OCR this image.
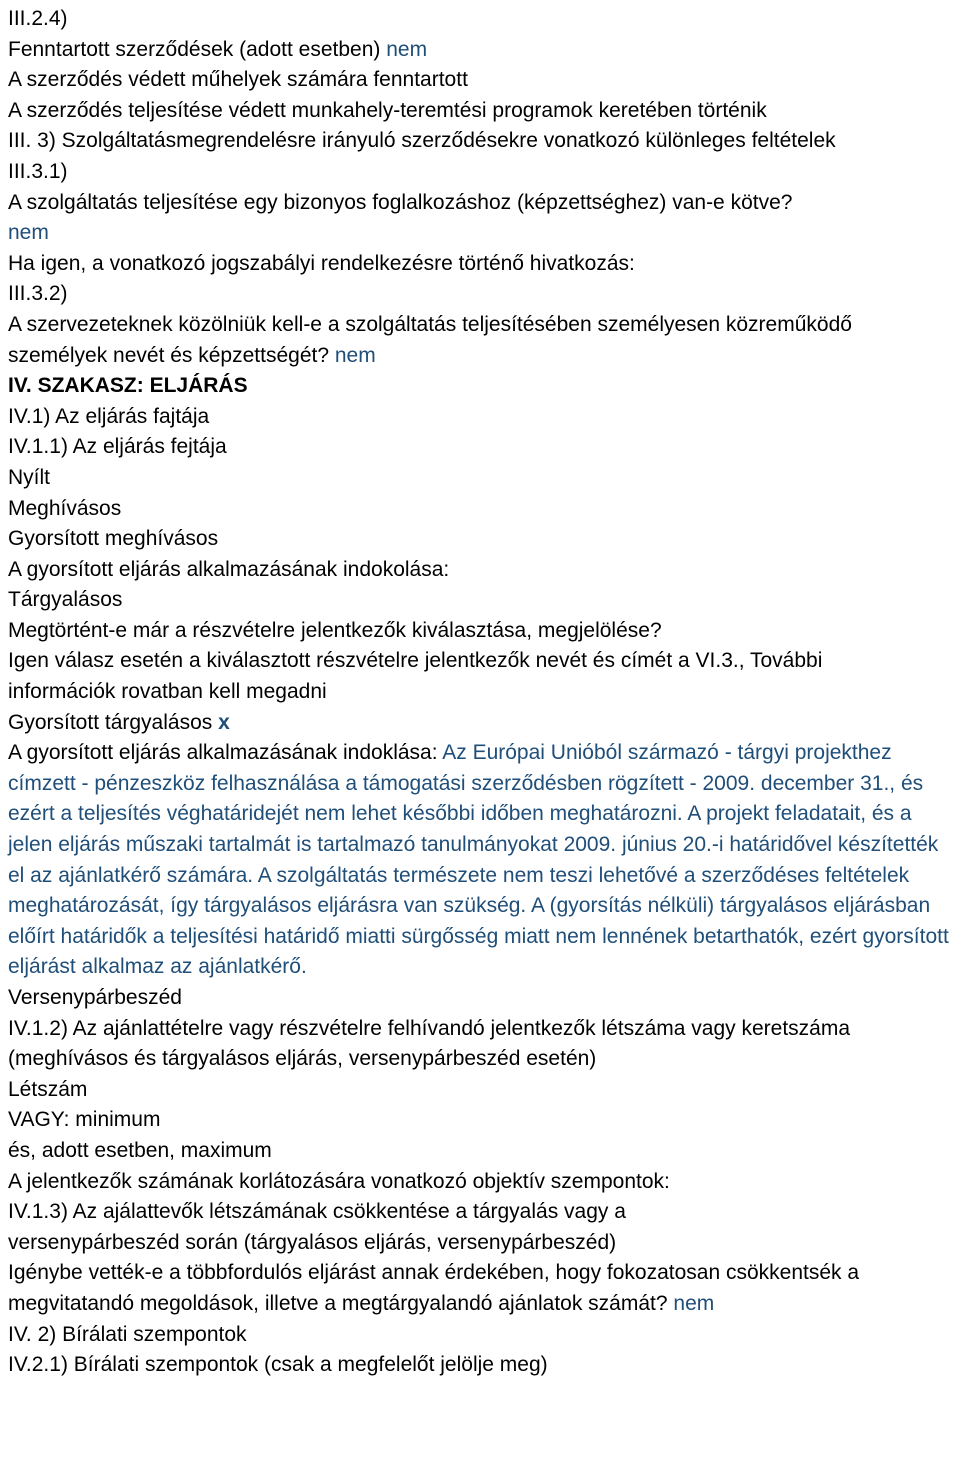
III.2.4)
Fenntartott szerződések (adott esetben) nem
A szerződés védett műhelyek számára fenntartott
A szerződés teljesítése védett munkahely-teremtési programok keretében történik
III. 3) Szolgáltatásmegrendelésre irányuló szerződésekre vonatkozó különleges feltételek
III.3.1)
A szolgáltatás teljesítése egy bizonyos foglalkozáshoz (képzettséghez) van-e kötve?
nem
Ha igen, a vonatkozó jogszabályi rendelkezésre történő hivatkozás:
III.3.2)
A szervezeteknek közölniük kell-e a szolgáltatás teljesítésében személyesen közreműködő személyek nevét és képzettségét? nem
IV. SZAKASZ: ELJÁRÁS
IV.1) Az eljárás fajtája
IV.1.1) Az eljárás fejtája
Nyílt
Meghívásos
Gyorsított meghívásos
A gyorsított eljárás alkalmazásának indokolása:
Tárgyalásos
Megtörtént-e már a részvételre jelentkezők kiválasztása, megjelölése?
Igen válasz esetén a kiválasztott részvételre jelentkezők nevét és címét a VI.3., További információk rovatban kell megadni
Gyorsított tárgyalásos x
A gyorsított eljárás alkalmazásának indoklása: Az Európai Unióból származó - tárgyi projekthez címzett - pénzeszköz felhasználása a támogatási szerződésben rögzített - 2009. december 31., és ezért a teljesítés véghatáridejét nem lehet későbbi időben meghatározni. A projekt feladatait, és a jelen eljárás műszaki tartalmát is tartalmazó tanulmányokat 2009. június 20.-i határidővel készítették el az ajánlatkérő számára. A szolgáltatás természete nem teszi lehetővé a szerződéses feltételek meghatározását, így tárgyalásos eljárásra van szükség. A (gyorsítás nélküli) tárgyalásos eljárásban előírt határidők a teljesítési határidő miatti sürgősség miatt nem lennének betarthatók, ezért gyorsított eljárást alkalmaz az ajánlatkérő.
Versenypárbeszéd
IV.1.2) Az ajánlattételre vagy részvételre felhívandó jelentkezők létszáma vagy keretszáma (meghívásos és tárgyalásos eljárás, versenypárbeszéd esetén)
Létszám
VAGY: minimum
és, adott esetben, maximum
A jelentkezők számának korlátozására vonatkozó objektív szempontok:
IV.1.3) Az ajálattevők létszámának csökkentése a tárgyalás vagy a versenypárbeszéd során (tárgyalásos eljárás, versenypárbeszéd)
Igénybe vették-e a többfordulós eljárást annak érdekében, hogy fokozatosan csökkentsék a megvitatandó megoldások, illetve a megtárgyalandó ajánlatok számát? nem
IV. 2) Bírálati szempontok
IV.2.1) Bírálati szempontok (csak a megfelelőt jelölje meg)
